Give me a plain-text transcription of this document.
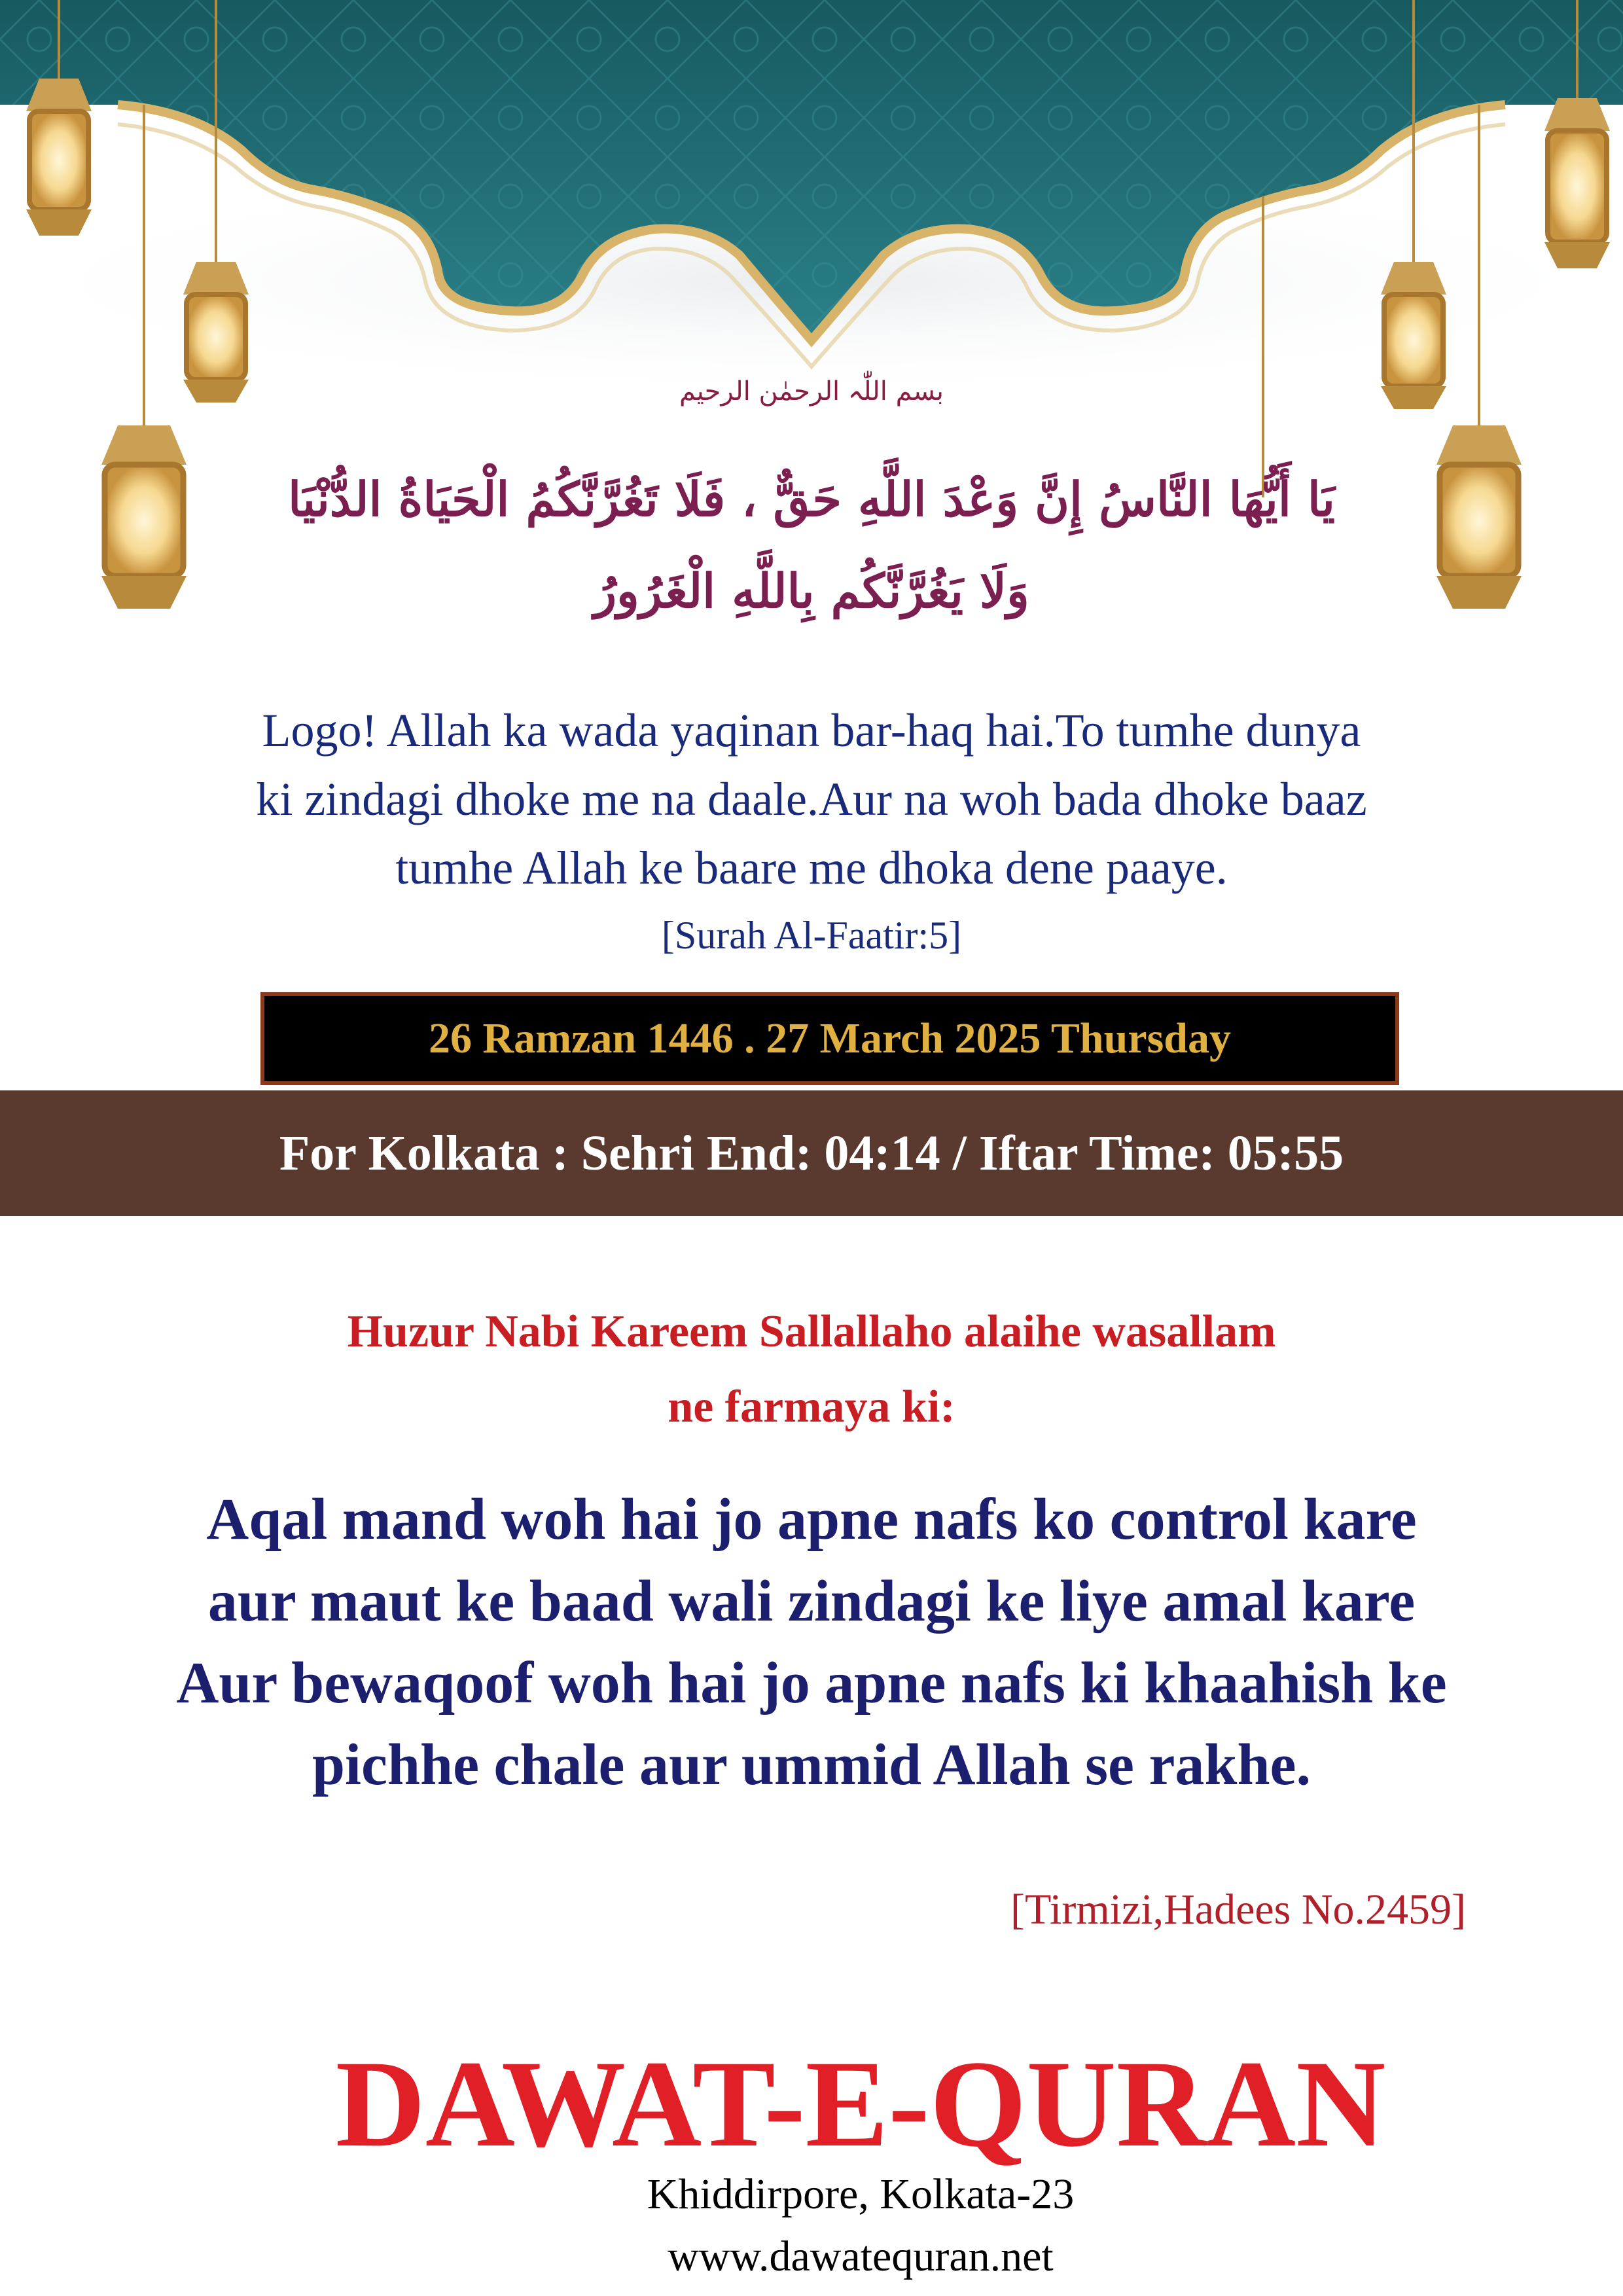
بسم اللّٰہ الرحمٰن الرحیم
يَا أَيُّهَا النَّاسُ إِنَّ وَعْدَ اللَّهِ حَقٌّ ، فَلَا تَغُرَّنَّكُمُ الْحَيَاةُ الدُّنْيَا
وَلَا يَغُرَّنَّكُم بِاللَّهِ الْغَرُورُ
Logo! Allah ka wada yaqinan bar-haq hai.To tumhe dunya
ki zindagi dhoke me na daale.Aur na woh bada dhoke baaz
tumhe Allah ke baare me dhoka dene paaye.
[Surah Al-Faatir:5]
26 Ramzan 1446 . 27 March 2025 Thursday
For Kolkata : Sehri End: 04:14 / Iftar Time: 05:55
Huzur Nabi Kareem Sallallaho alaihe wasallam
ne farmaya ki:
Aqal mand woh hai jo apne nafs ko control kare
aur maut ke baad wali zindagi ke liye amal kare
Aur bewaqoof woh hai jo apne nafs ki khaahish ke
pichhe chale aur ummid Allah se rakhe.
[Tirmizi,Hadees No.2459]
DAWAT-E-QURAN
Khiddirpore, Kolkata-23
www.dawatequran.net
